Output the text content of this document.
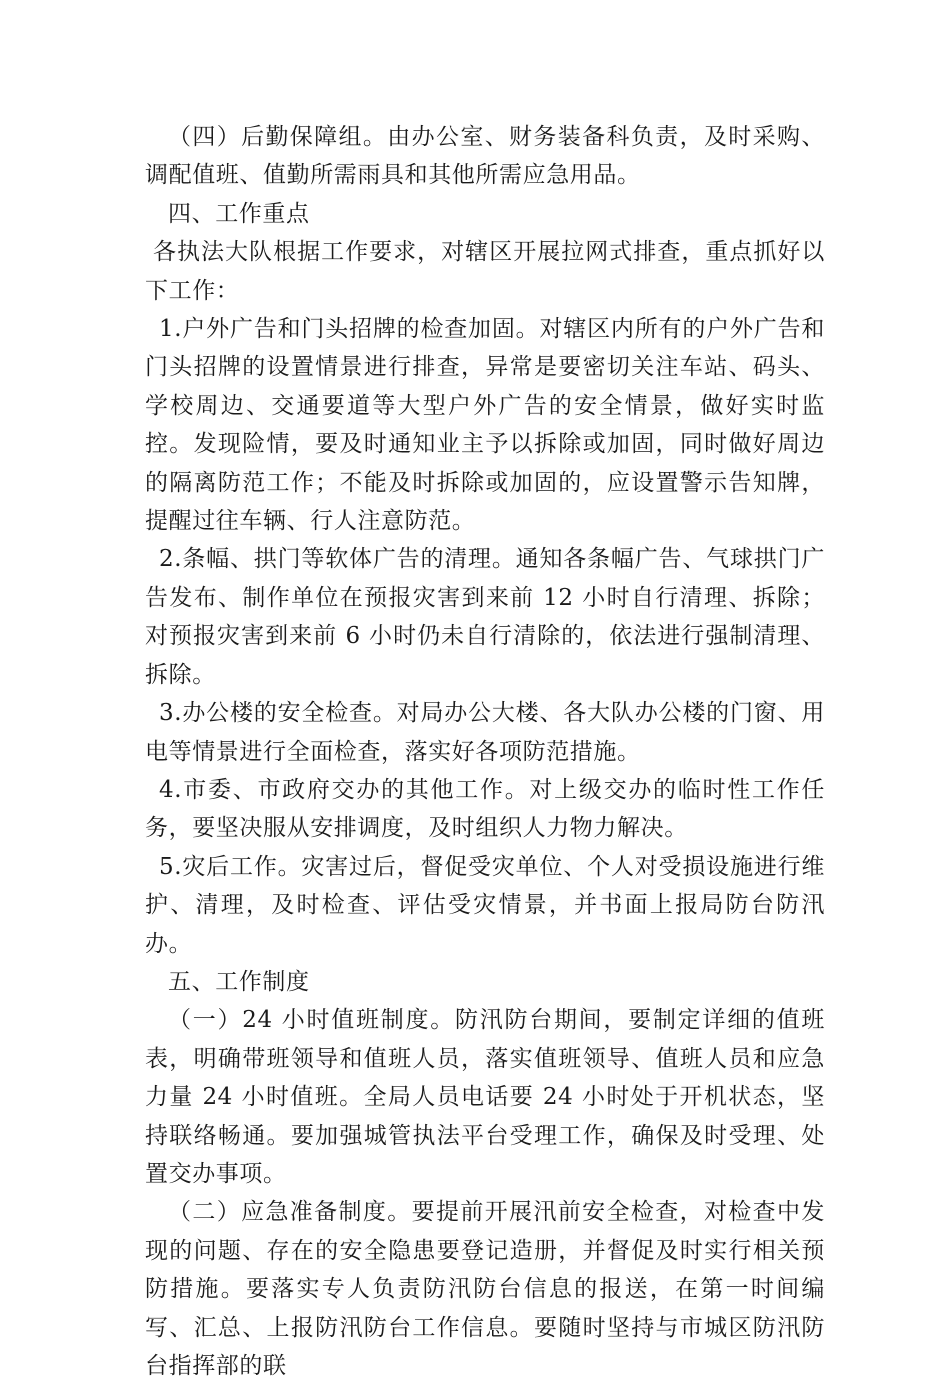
（四）后勤保障组。由办公室、财务装备科负责，及时采购、调配值班、值勤所需雨具和其他所需应急用品。

四、工作重点

各执法大队根据工作要求，对辖区开展拉网式排查，重点抓好以下工作：

1.户外广告和门头招牌的检查加固。对辖区内所有的户外广告和门头招牌的设置情景进行排查，异常是要密切关注车站、码头、学校周边、交通要道等大型户外广告的安全情景，做好实时监控。发现险情，要及时通知业主予以拆除或加固，同时做好周边的隔离防范工作；不能及时拆除或加固的，应设置警示告知牌，提醒过往车辆、行人注意防范。

2.条幅、拱门等软体广告的清理。通知各条幅广告、气球拱门广告发布、制作单位在预报灾害到来前 12 小时自行清理、拆除；对预报灾害到来前 6 小时仍未自行清除的，依法进行强制清理、拆除。

3.办公楼的安全检查。对局办公大楼、各大队办公楼的门窗、用电等情景进行全面检查，落实好各项防范措施。

4.市委、市政府交办的其他工作。对上级交办的临时性工作任务，要坚决服从安排调度，及时组织人力物力解决。

5.灾后工作。灾害过后，督促受灾单位、个人对受损设施进行维护、清理，及时检查、评估受灾情景，并书面上报局防台防汛办。

五、工作制度

（一）24 小时值班制度。防汛防台期间，要制定详细的值班表，明确带班领导和值班人员，落实值班领导、值班人员和应急力量 24 小时值班。全局人员电话要 24 小时处于开机状态，坚持联络畅通。要加强城管执法平台受理工作，确保及时受理、处置交办事项。

（二）应急准备制度。要提前开展汛前安全检查，对检查中发现的问题、存在的安全隐患要登记造册，并督促及时实行相关预防措施。要落实专人负责防汛防台信息的报送，在第一时间编写、汇总、上报防汛防台工作信息。要随时坚持与市城区防汛防台指挥部的联
